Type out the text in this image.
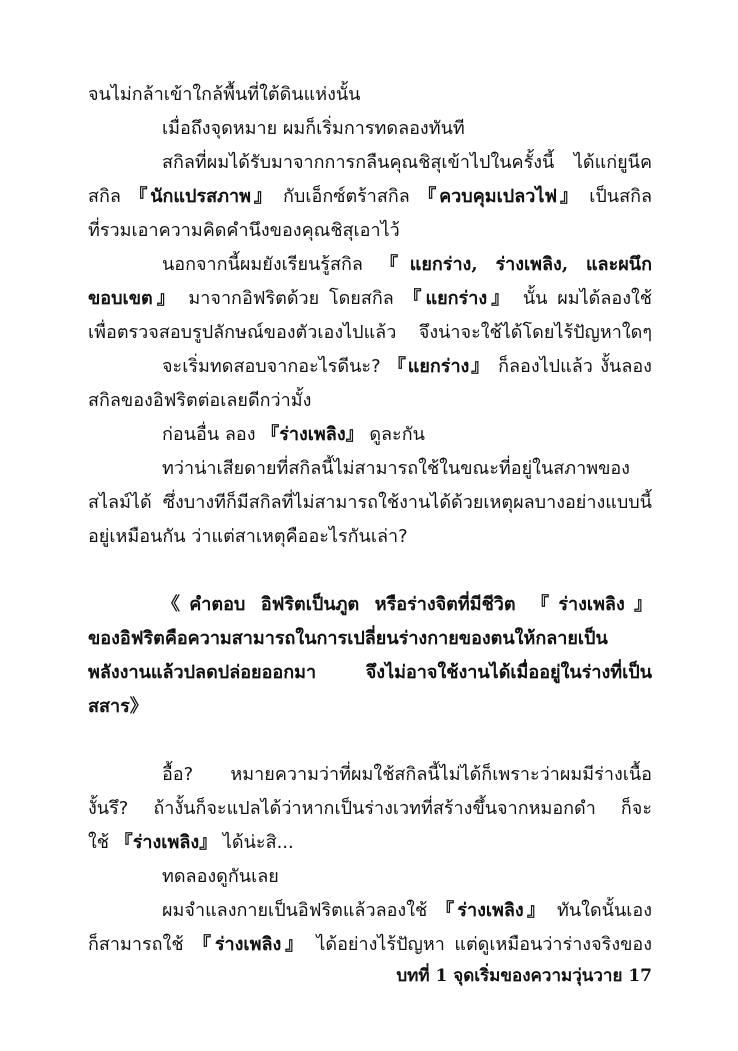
จนไม่กล้าเข้าใกล้พื้นที่ใต้ดินแห่งนั้น
เมื่อถึงจุดหมาย ผมก็เริ่มการทดลองทันที
สกิลที่ผมได้รับมาจากการกลืนคุณชิสุเข้าไปในครั้งนี้ ได้แก่ยูนีค
สกิล 『นักแปรสภาพ』 กับเอ็กซ์ตร้าสกิล 『ควบคุมเปลวไฟ』 เป็นสกิล
ที่รวมเอาความคิดคำนึงของคุณชิสุเอาไว้
นอกจากนี้ผมยังเรียนรู้สกิล 『แยกร่าง, ร่างเพลิง, และผนึก
ขอบเขต』 มาจากอิฟริตด้วย โดยสกิล 『แยกร่าง』 นั้น ผมได้ลองใช้
เพื่อตรวจสอบรูปลักษณ์ของตัวเองไปแล้ว จึงน่าจะใช้ได้โดยไร้ปัญหาใดๆ
จะเริ่มทดสอบจากอะไรดีนะ? 『แยกร่าง』 ก็ลองไปแล้ว งั้นลอง
สกิลของอิฟริตต่อเลยดีกว่ามั้ง
ก่อนอื่น ลอง 『ร่างเพลิง』 ดูละกัน
ทว่าน่าเสียดายที่สกิลนี้ไม่สามารถใช้ในขณะที่อยู่ในสภาพของ
สไลม์ได้ ซึ่งบางทีก็มีสกิลที่ไม่สามารถใช้งานได้ด้วยเหตุผลบางอย่างแบบนี้
อยู่เหมือนกัน ว่าแต่สาเหตุคืออะไรกันเล่า?
《คำตอบ อิฟริตเป็นภูต หรือร่างจิตที่มีชีวิต 『ร่างเพลิง』
ของอิฟริตคือความสามารถในการเปลี่ยนร่างกายของตนให้กลายเป็น
พลังงานแล้วปลดปล่อยออกมา จึงไม่อาจใช้งานได้เมื่ออยู่ในร่างที่เป็น
สสาร》
อื้อ? หมายความว่าที่ผมใช้สกิลนี้ไม่ได้ก็เพราะว่าผมมีร่างเนื้อ
งั้นรึ? ถ้างั้นก็จะแปลได้ว่าหากเป็นร่างเวทที่สร้างขึ้นจากหมอกดำ ก็จะ
ใช้ 『ร่างเพลิง』 ได้น่ะสิ...
ทดลองดูกันเลย
ผมจำแลงกายเป็นอิฟริตแล้วลองใช้ 『ร่างเพลิง』 ทันใดนั้นเอง
ก็สามารถใช้ 『ร่างเพลิง』 ได้อย่างไร้ปัญหา แต่ดูเหมือนว่าร่างจริงของ
บทที่ 1 จุดเริ่มของความวุ่นวาย 17
